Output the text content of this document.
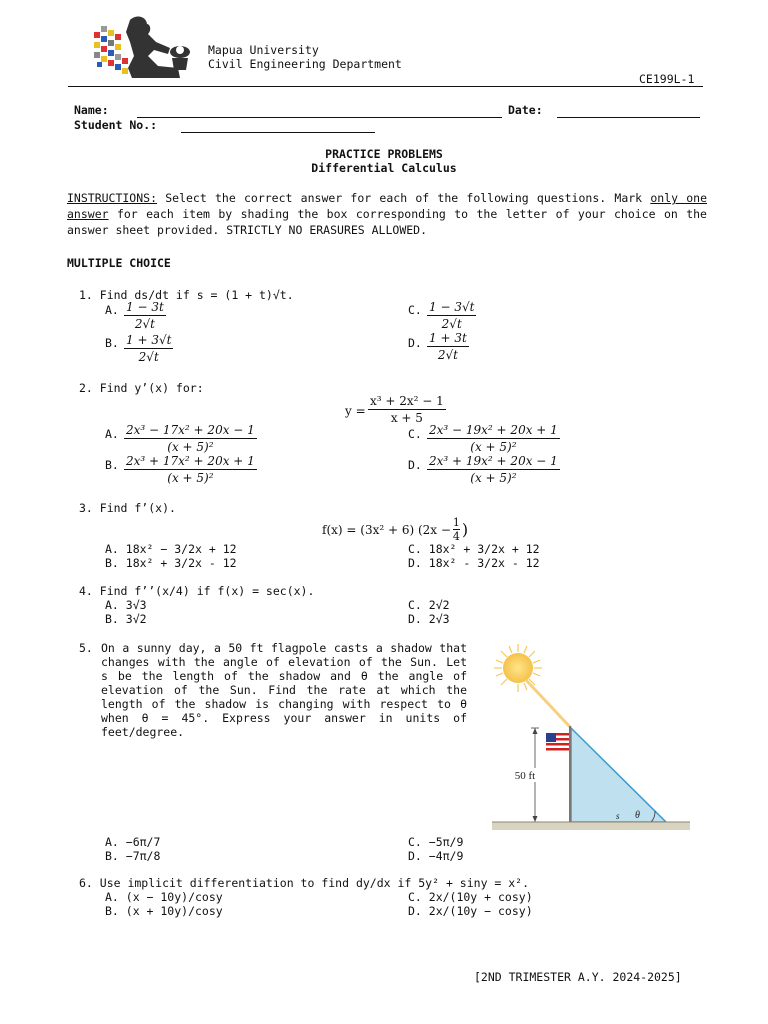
Mapua University
Civil Engineering Department
CE199L-1
Name:	Date:
Student No.:
PRACTICE PROBLEMS
Differential Calculus
INSTRUCTIONS: Select the correct answer for each of the following questions. Mark only one answer for each item by shading the box corresponding to the letter of your choice on the answer sheet provided. STRICTLY NO ERASURES ALLOWED.
MULTIPLE CHOICE
1. Find ds/dt if s = (1 + t)√t.
A. 1 − 3t
2√t
B. 1 + 3√t
2√t
C. 1 − 3√t
2√t
D. 1 + 3t
2√t
2. Find y’(x) for:
y =
x³ + 2x² − 1
x + 5
A. 2x³ − 17x² + 20x − 1
(x + 5)²
B. 2x³ + 17x² + 20x + 1
(x + 5)²
C. 2x³ − 19x² + 20x + 1
(x + 5)²
D. 2x³ + 19x² + 20x − 1
(x + 5)²
3. Find f’(x).
f(x) = (3x² + 6) (2x − 1
4 )
A. 18x² − 3/2x + 12
B. 18x² + 3/2x - 12
C. 18x² + 3/2x + 12
D. 18x² - 3/2x - 12
4. Find f’’(x/4) if f(x) = sec(x).
A. 3√3
B. 3√2
C. 2√2
D. 2√3
5. On a sunny day, a 50 ft flagpole casts a shadow that changes with the angle of elevation of the Sun. Let s be the length of the shadow and θ the angle of elevation of the Sun. Find the rate at which the length of the shadow is changing with respect to θ when θ = 45°. Express your answer in units of feet/degree.
50 ft
θ
s
A. −6π/7
B. −7π/8
C. −5π/9
D. −4π/9
6. Use implicit differentiation to find dy/dx if 5y² + siny = x².
A. (x − 10y)/cosy
B. (x + 10y)/cosy
C. 2x/(10y + cosy)
D. 2x/(10y − cosy)
[2ND TRIMESTER A.Y. 2024-2025]
